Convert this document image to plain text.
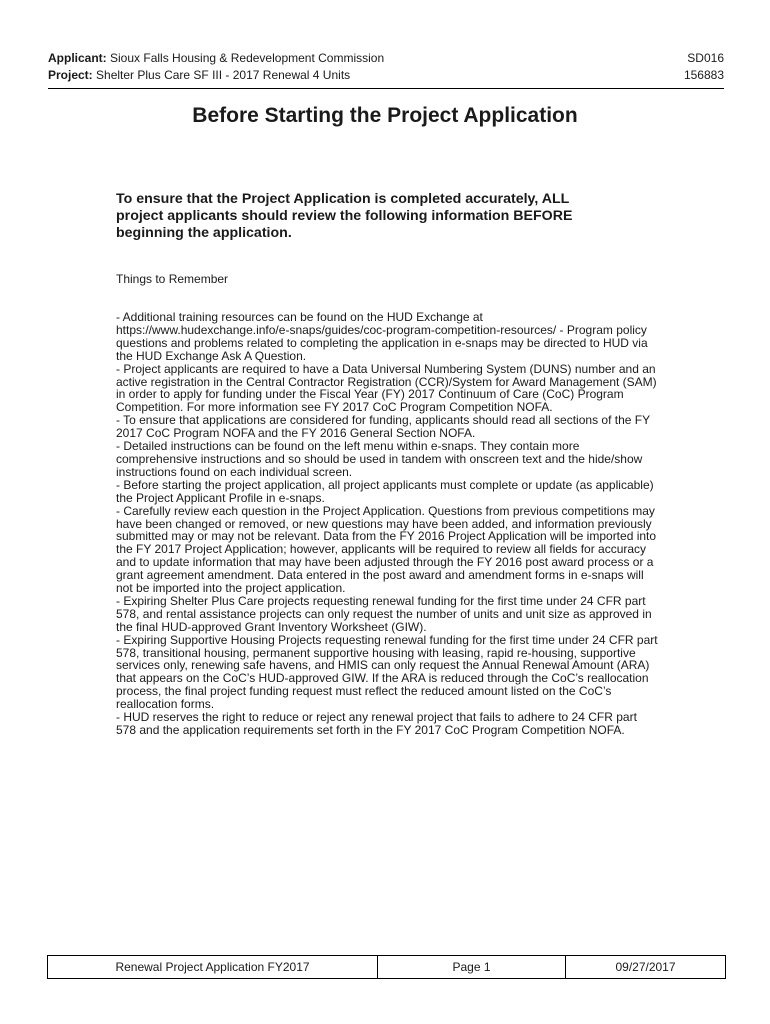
Applicant: Sioux Falls Housing & Redevelopment Commission	SD016
Project: Shelter Plus Care SF III - 2017 Renewal 4 Units	156883
Before Starting the Project Application
To ensure that the Project Application is completed accurately, ALL project applicants should review the following information BEFORE beginning the application.
Things to Remember

- Additional training resources can be found on the HUD Exchange at https://www.hudexchange.info/e-snaps/guides/coc-program-competition-resources/ - Program policy questions and problems related to completing the application in e-snaps may be directed to HUD via the HUD Exchange Ask A Question.

- Project applicants are required to have a Data Universal Numbering System (DUNS) number and an active registration in the Central Contractor Registration (CCR)/System for Award Management (SAM) in order to apply for funding under the Fiscal Year (FY) 2017 Continuum of Care (CoC) Program Competition. For more information see FY 2017 CoC Program Competition NOFA.

- To ensure that applications are considered for funding, applicants should read all sections of the FY 2017 CoC Program NOFA and the FY 2016 General Section NOFA.

- Detailed instructions can be found on the left menu within e-snaps. They contain more comprehensive instructions and so should be used in tandem with onscreen text and the hide/show instructions found on each individual screen.

- Before starting the project application, all project applicants must complete or update (as applicable) the Project Applicant Profile in e-snaps.

- Carefully review each question in the Project Application. Questions from previous competitions may have been changed or removed, or new questions may have been added, and information previously submitted may or may not be relevant. Data from the FY 2016 Project Application will be imported into the FY 2017 Project Application; however, applicants will be required to review all fields for accuracy and to update information that may have been adjusted through the FY 2016 post award process or a grant agreement amendment. Data entered in the post award and amendment forms in e-snaps will not be imported into the project application.

- Expiring Shelter Plus Care projects requesting renewal funding for the first time under 24 CFR part 578, and rental assistance projects can only request the number of units and unit size as approved in the final HUD-approved Grant Inventory Worksheet (GIW).

- Expiring Supportive Housing Projects requesting renewal funding for the first time under 24 CFR part 578, transitional housing, permanent supportive housing with leasing, rapid re-housing, supportive services only, renewing safe havens, and HMIS can only request the Annual Renewal Amount (ARA) that appears on the CoC’s HUD-approved GIW. If the ARA is reduced through the CoC’s reallocation process, the final project funding request must reflect the reduced amount listed on the CoC’s reallocation forms.

- HUD reserves the right to reduce or reject any renewal project that fails to adhere to 24 CFR part 578 and the application requirements set forth in the FY 2017 CoC Program Competition NOFA.

Renewal Project Application FY2017	Page 1	09/27/2017
